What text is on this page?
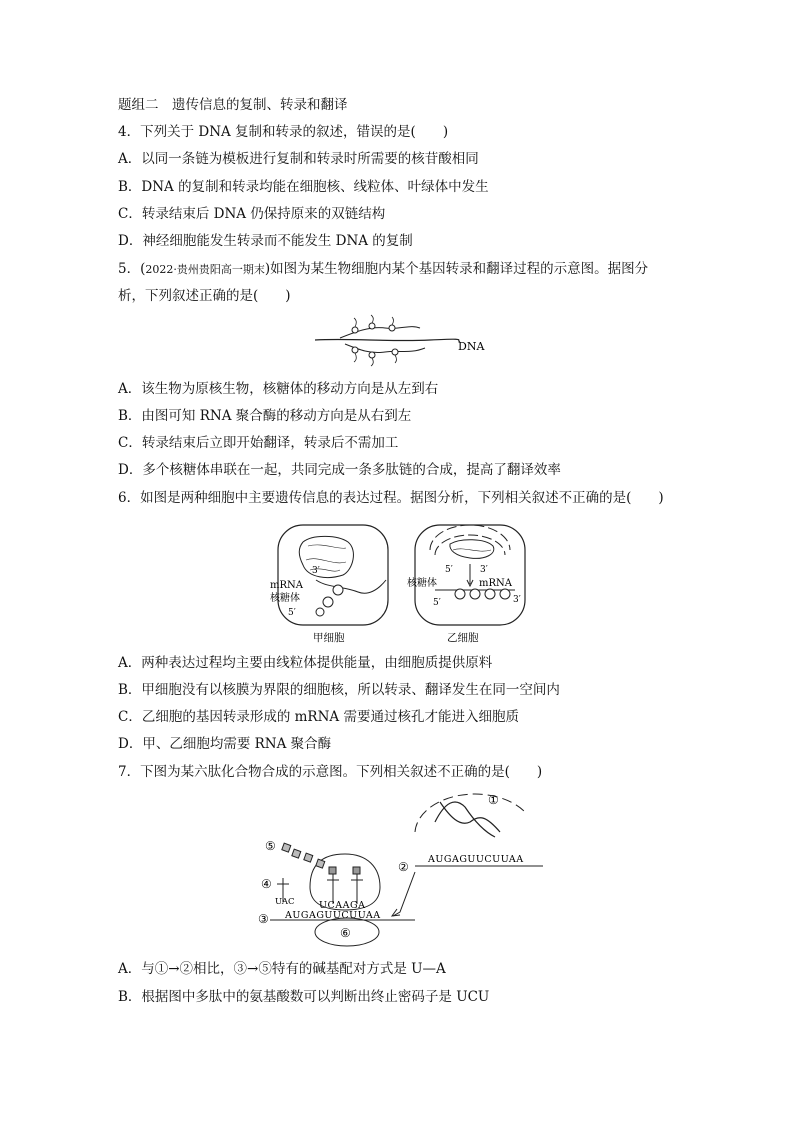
题组二　遗传信息的复制、转录和翻译
4．下列关于 DNA 复制和转录的叙述，错误的是(　　)
A．以同一条链为模板进行复制和转录时所需要的核苷酸相同
B．DNA 的复制和转录均能在细胞核、线粒体、叶绿体中发生
C．转录结束后 DNA 仍保持原来的双链结构
D．神经细胞能发生转录而不能发生 DNA 的复制
5．(2022·贵州贵阳高一期末)如图为某生物细胞内某个基因转录和翻译过程的示意图。据图分
析，下列叙述正确的是(　　)
DNA
A．该生物为原核生物，核糖体的移动方向是从左到右
B．由图可知 RNA 聚合酶的移动方向是从右到左
C．转录结束后立即开始翻译，转录后不需加工
D．多个核糖体串联在一起，共同完成一条多肽链的合成，提高了翻译效率
6．如图是两种细胞中主要遗传信息的表达过程。据图分析，下列相关叙述不正确的是(　　)
3′
mRNA
核糖体
5′
甲细胞
5′	3′
核糖体	mRNA
5′	3′
乙细胞
A．两种表达过程均主要由线粒体提供能量，由细胞质提供原料
B．甲细胞没有以核膜为界限的细胞核，所以转录、翻译发生在同一空间内
C．乙细胞的基因转录形成的 mRNA 需要通过核孔才能进入细胞质
D．甲、乙细胞均需要 RNA 聚合酶
7．下图为某六肽化合物合成的示意图。下列相关叙述不正确的是(　　)
①
AUGAGUUCUUAA
②
⑥
AUGAGUUCUUAA
③
UCAAGA
⑤
UAC
④
A．与①→②相比，③→⑤特有的碱基配对方式是 U—A
B．根据图中多肽中的氨基酸数可以判断出终止密码子是 UCU
